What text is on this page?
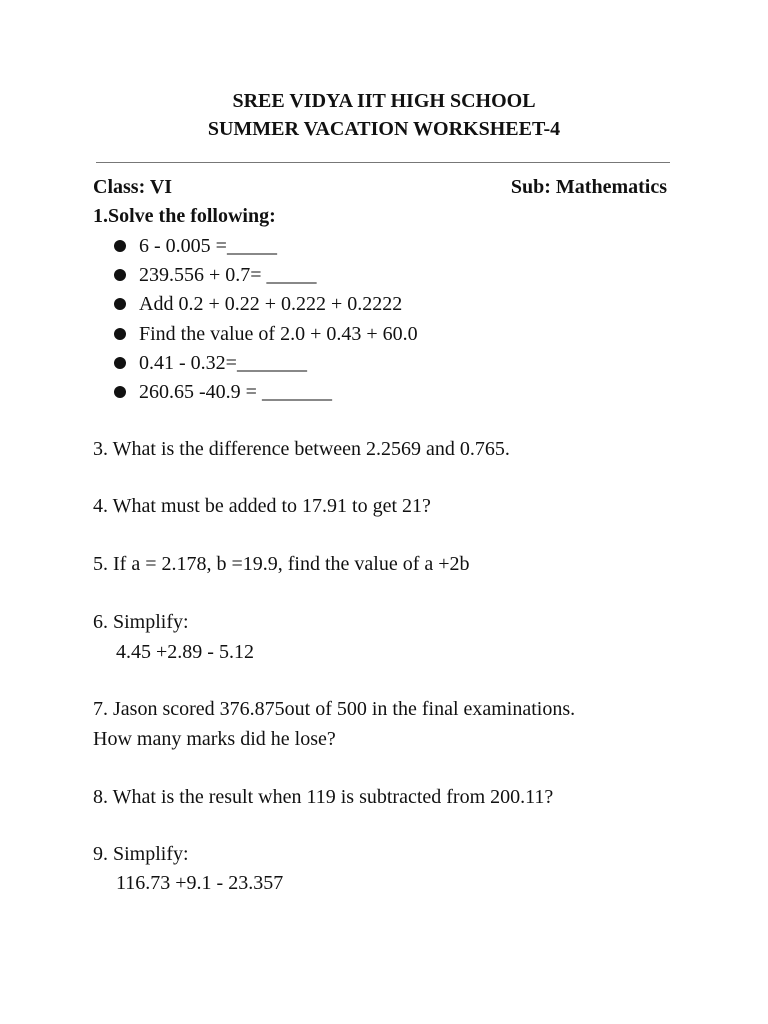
SREE VIDYA IIT HIGH SCHOOL
SUMMER VACATION WORKSHEET-4
Class: VI	Sub: Mathematics
1.Solve the following:
6 - 0.005 =_____
239.556 + 0.7= _____
Add 0.2 + 0.22 + 0.222 + 0.2222
Find the value of 2.0 + 0.43 + 60.0
0.41 - 0.32=_______
260.65 -40.9 = _______
3. What is the difference between 2.2569 and 0.765.
4. What must be added to 17.91 to get 21?
5. If a = 2.178, b =19.9, find the value of a +2b
6. Simplify:
4.45 +2.89 - 5.12
7. Jason scored 376.875out of 500 in the final examinations.
How many marks did he lose?
8. What is the result when 119 is subtracted from 200.11?
9. Simplify:
116.73 +9.1 - 23.357
